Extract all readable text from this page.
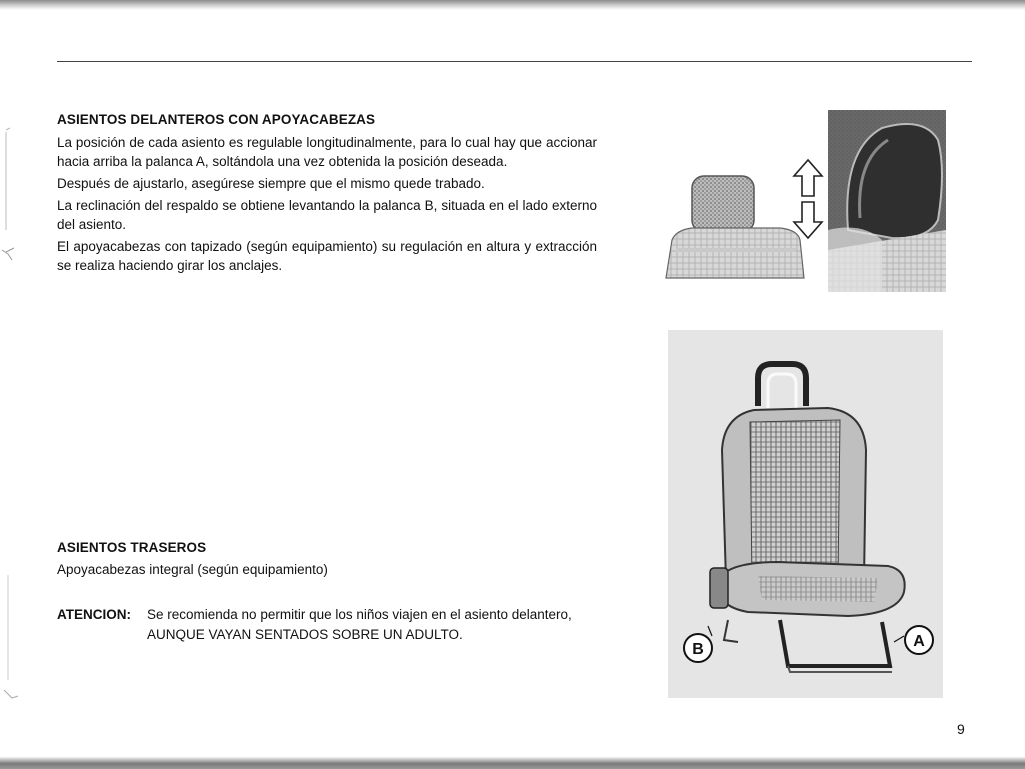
ASIENTOS DELANTEROS CON APOYACABEZAS

La posición de cada asiento es regulable longitudinalmente, para lo cual hay que accionar hacia arriba la palanca A, soltándola una vez obtenida la posición deseada.

Después de ajustarlo, asegúrese siempre que el mismo quede trabado.

La reclinación del respaldo se obtiene levantando la palanca B, situada en el lado externo del asiento.

El apoyacabezas con tapizado (según equipamiento) su regulación en altura y extracción se realiza haciendo girar los anclajes.

ASIENTOS TRASEROS

Apoyacabezas integral (según equipamiento)

ATENCION: Se recomienda no permitir que los niños viajen en el asiento delantero, AUNQUE VAYAN SENTADOS SOBRE UN ADULTO.
B	A
9
